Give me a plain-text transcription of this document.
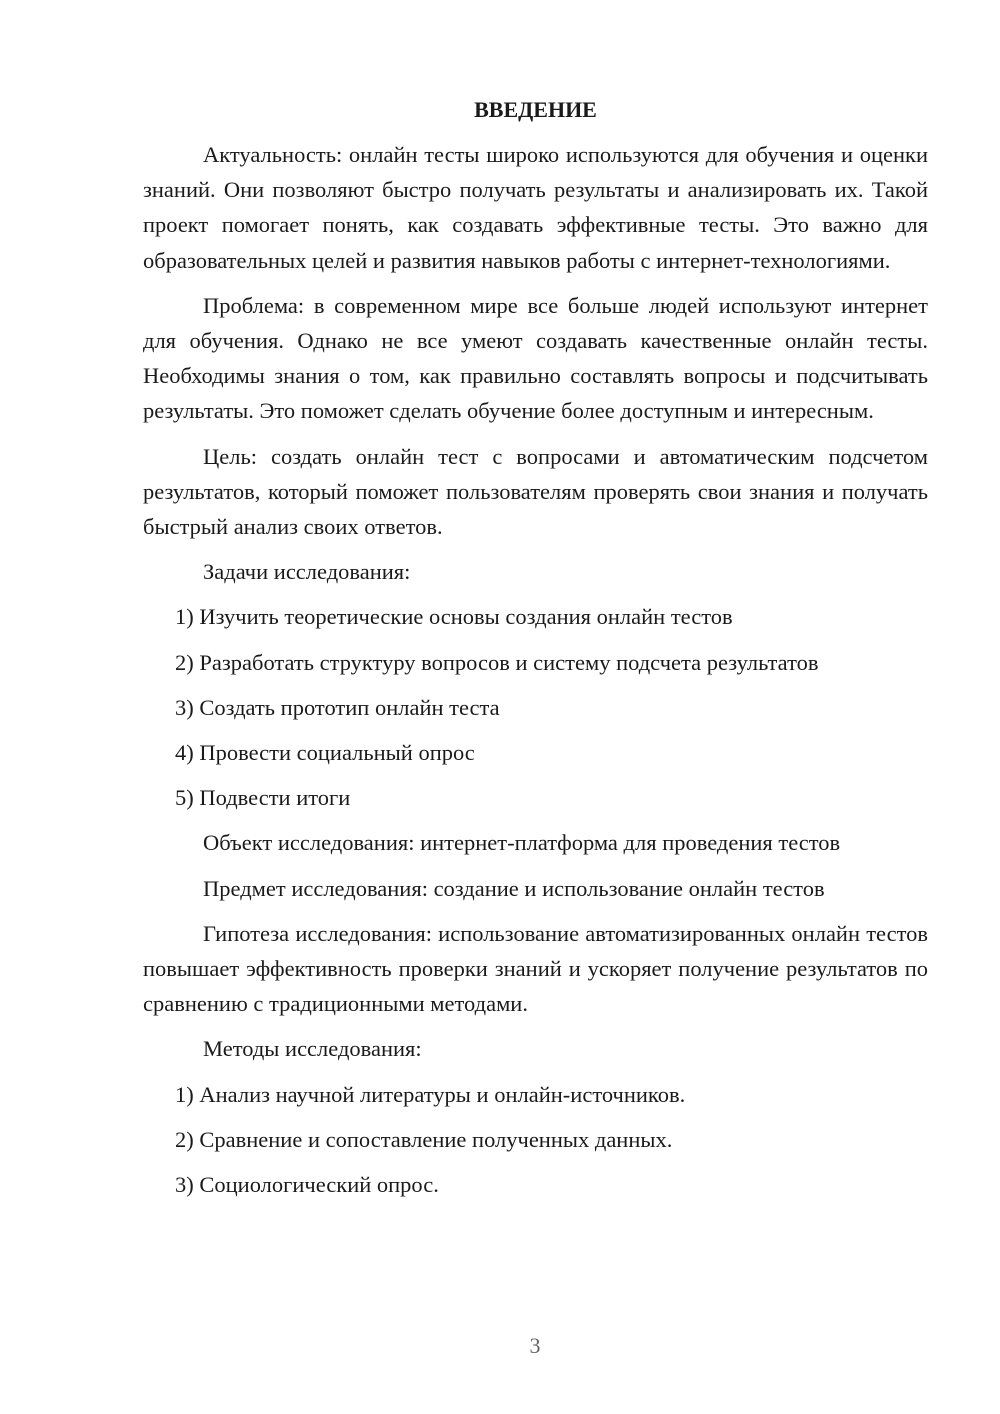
ВВЕДЕНИЕ

Актуальность: онлайн тесты широко используются для обучения и оценки знаний. Они позволяют быстро получать результаты и анализировать их. Такой проект помогает понять, как создавать эффективные тесты. Это важно для образовательных целей и развития навыков работы с интернет-технологиями.

Проблема: в современном мире все больше людей используют интернет для обучения. Однако не все умеют создавать качественные онлайн тесты. Необходимы знания о том, как правильно составлять вопросы и подсчитывать результаты. Это поможет сделать обучение более доступным и интересным.

Цель: создать онлайн тест с вопросами и автоматическим подсчетом результатов, который поможет пользователям проверять свои знания и получать быстрый анализ своих ответов.

Задачи исследования:

1) Изучить теоретические основы создания онлайн тестов

2) Разработать структуру вопросов и систему подсчета результатов

3) Создать прототип онлайн теста

4) Провести социальный опрос

5) Подвести итоги

Объект исследования: интернет-платформа для проведения тестов

Предмет исследования: создание и использование онлайн тестов

Гипотеза исследования: использование автоматизированных онлайн тестов повышает эффективность проверки знаний и ускоряет получение результатов по сравнению с традиционными методами.

Методы исследования:

1) Анализ научной литературы и онлайн-источников.

2) Сравнение и сопоставление полученных данных.

3) Социологический опрос.

3
